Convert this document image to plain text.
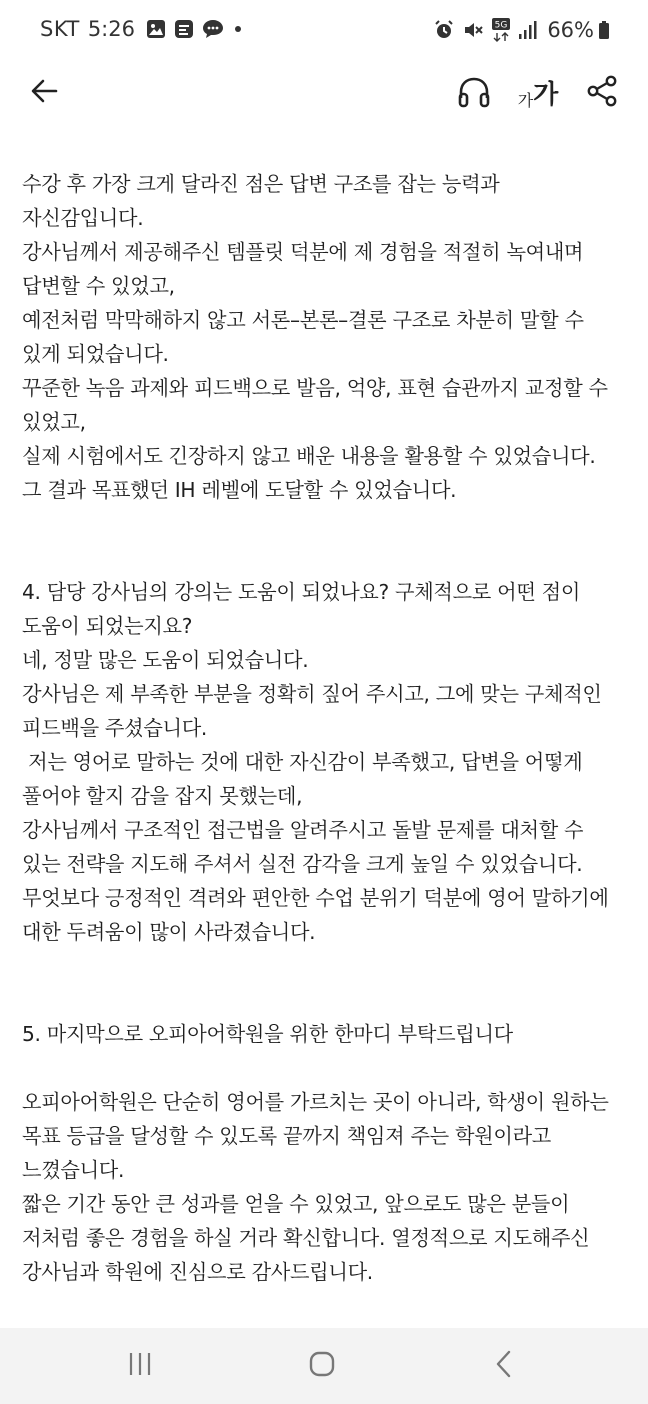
SKT 5:26	5G 66%
가 가
수강 후 가장 크게 달라진 점은 답변 구조를 잡는 능력과
자신감입니다.
강사님께서 제공해주신 템플릿 덕분에 제 경험을 적절히 녹여내며
답변할 수 있었고,
예전처럼 막막해하지 않고 서론–본론–결론 구조로 차분히 말할 수
있게 되었습니다.
꾸준한 녹음 과제와 피드백으로 발음, 억양, 표현 습관까지 교정할 수
있었고,
실제 시험에서도 긴장하지 않고 배운 내용을 활용할 수 있었습니다.
그 결과 목표했던 IH 레벨에 도달할 수 있었습니다.
4. 담당 강사님의 강의는 도움이 되었나요? 구체적으로 어떤 점이
도움이 되었는지요?
네, 정말 많은 도움이 되었습니다.
강사님은 제 부족한 부분을 정확히 짚어 주시고, 그에 맞는 구체적인
피드백을 주셨습니다.
저는 영어로 말하는 것에 대한 자신감이 부족했고, 답변을 어떻게
풀어야 할지 감을 잡지 못했는데,
강사님께서 구조적인 접근법을 알려주시고 돌발 문제를 대처할 수
있는 전략을 지도해 주셔서 실전 감각을 크게 높일 수 있었습니다.
무엇보다 긍정적인 격려와 편안한 수업 분위기 덕분에 영어 말하기에
대한 두려움이 많이 사라졌습니다.
5. 마지막으로 오피아어학원을 위한 한마디 부탁드립니다
오피아어학원은 단순히 영어를 가르치는 곳이 아니라, 학생이 원하는
목표 등급을 달성할 수 있도록 끝까지 책임져 주는 학원이라고
느꼈습니다.
짧은 기간 동안 큰 성과를 얻을 수 있었고, 앞으로도 많은 분들이
저처럼 좋은 경험을 하실 거라 확신합니다. 열정적으로 지도해주신
강사님과 학원에 진심으로 감사드립니다.
